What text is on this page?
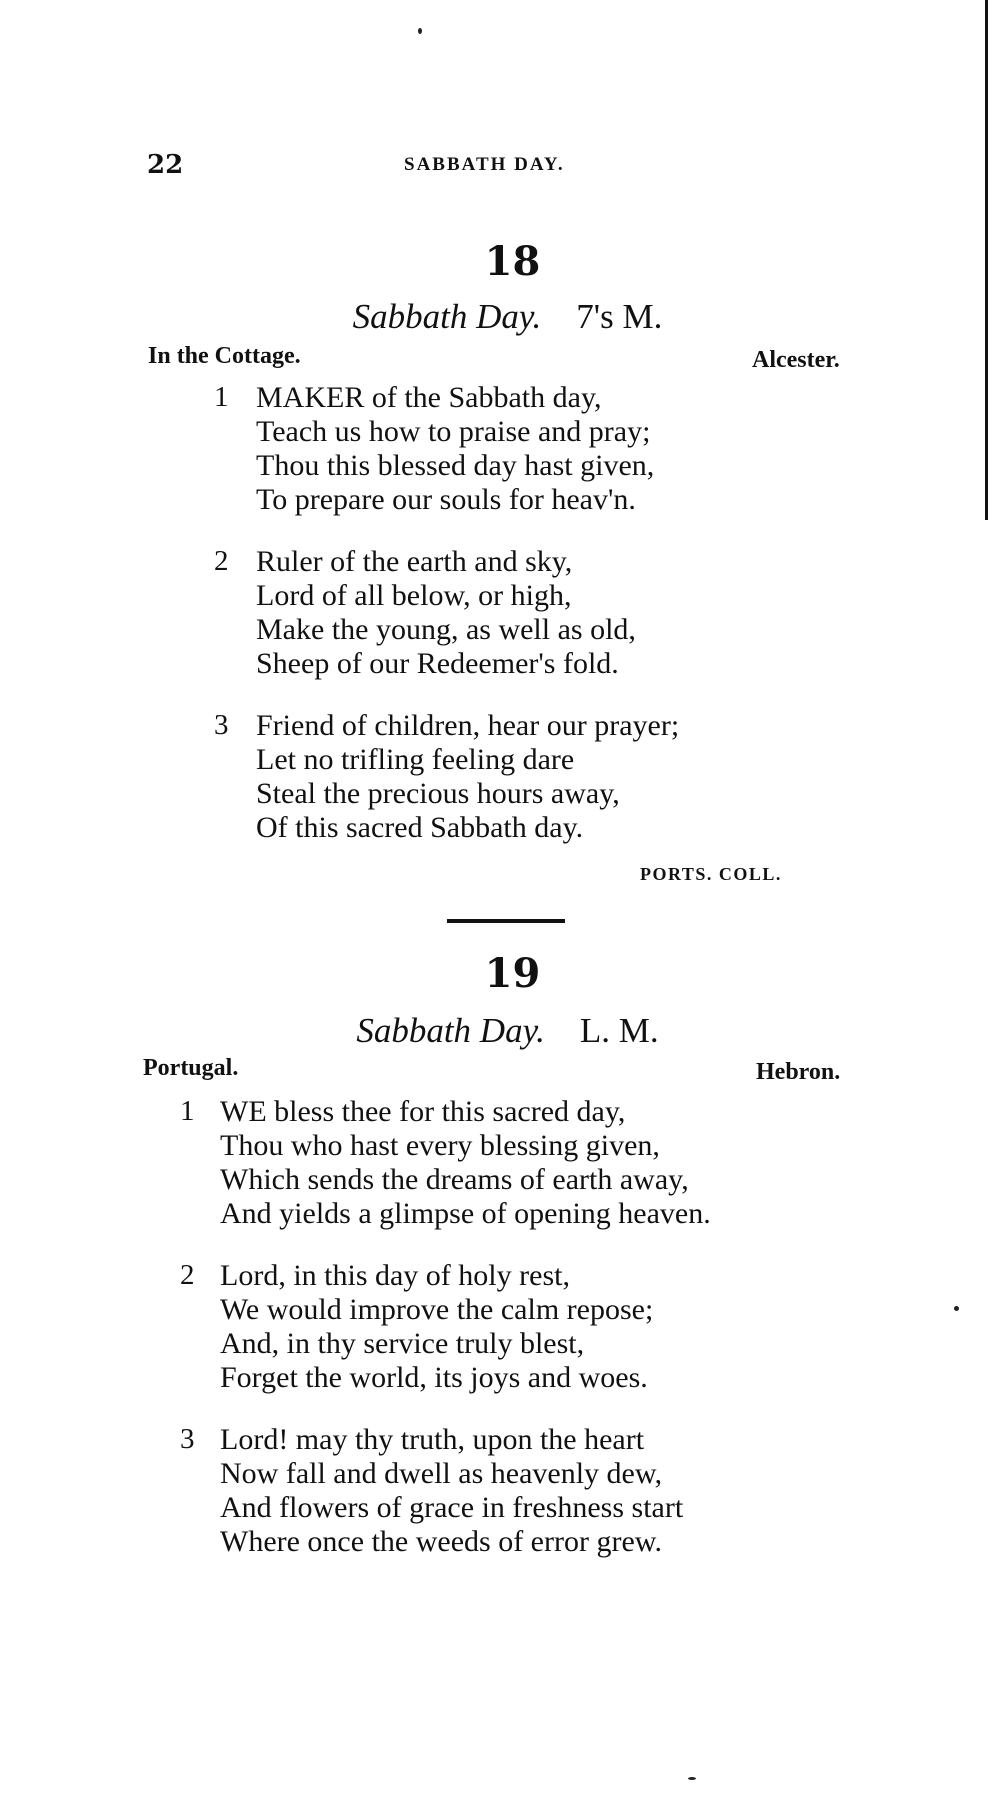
22	SABBATH DAY.
18
Sabbath Day. 7's M.
In the Cottage.	Alcester.
1 MAKER of the Sabbath day,
Teach us how to praise and pray;
Thou this blessed day hast given,
To prepare our souls for heav'n.
2 Ruler of the earth and sky,
Lord of all below, or high,
Make the young, as well as old,
Sheep of our Redeemer's fold.
3 Friend of children, hear our prayer;
Let no trifling feeling dare
Steal the precious hours away,
Of this sacred Sabbath day.
PORTS. COLL.
19
Sabbath Day. L. M.
Portugal.	Hebron.
1 WE bless thee for this sacred day,
Thou who hast every blessing given,
Which sends the dreams of earth away,
And yields a glimpse of opening heaven.
2 Lord, in this day of holy rest,
We would improve the calm repose;
And, in thy service truly blest,
Forget the world, its joys and woes.
3 Lord! may thy truth, upon the heart
Now fall and dwell as heavenly dew,
And flowers of grace in freshness start
Where once the weeds of error grew.
